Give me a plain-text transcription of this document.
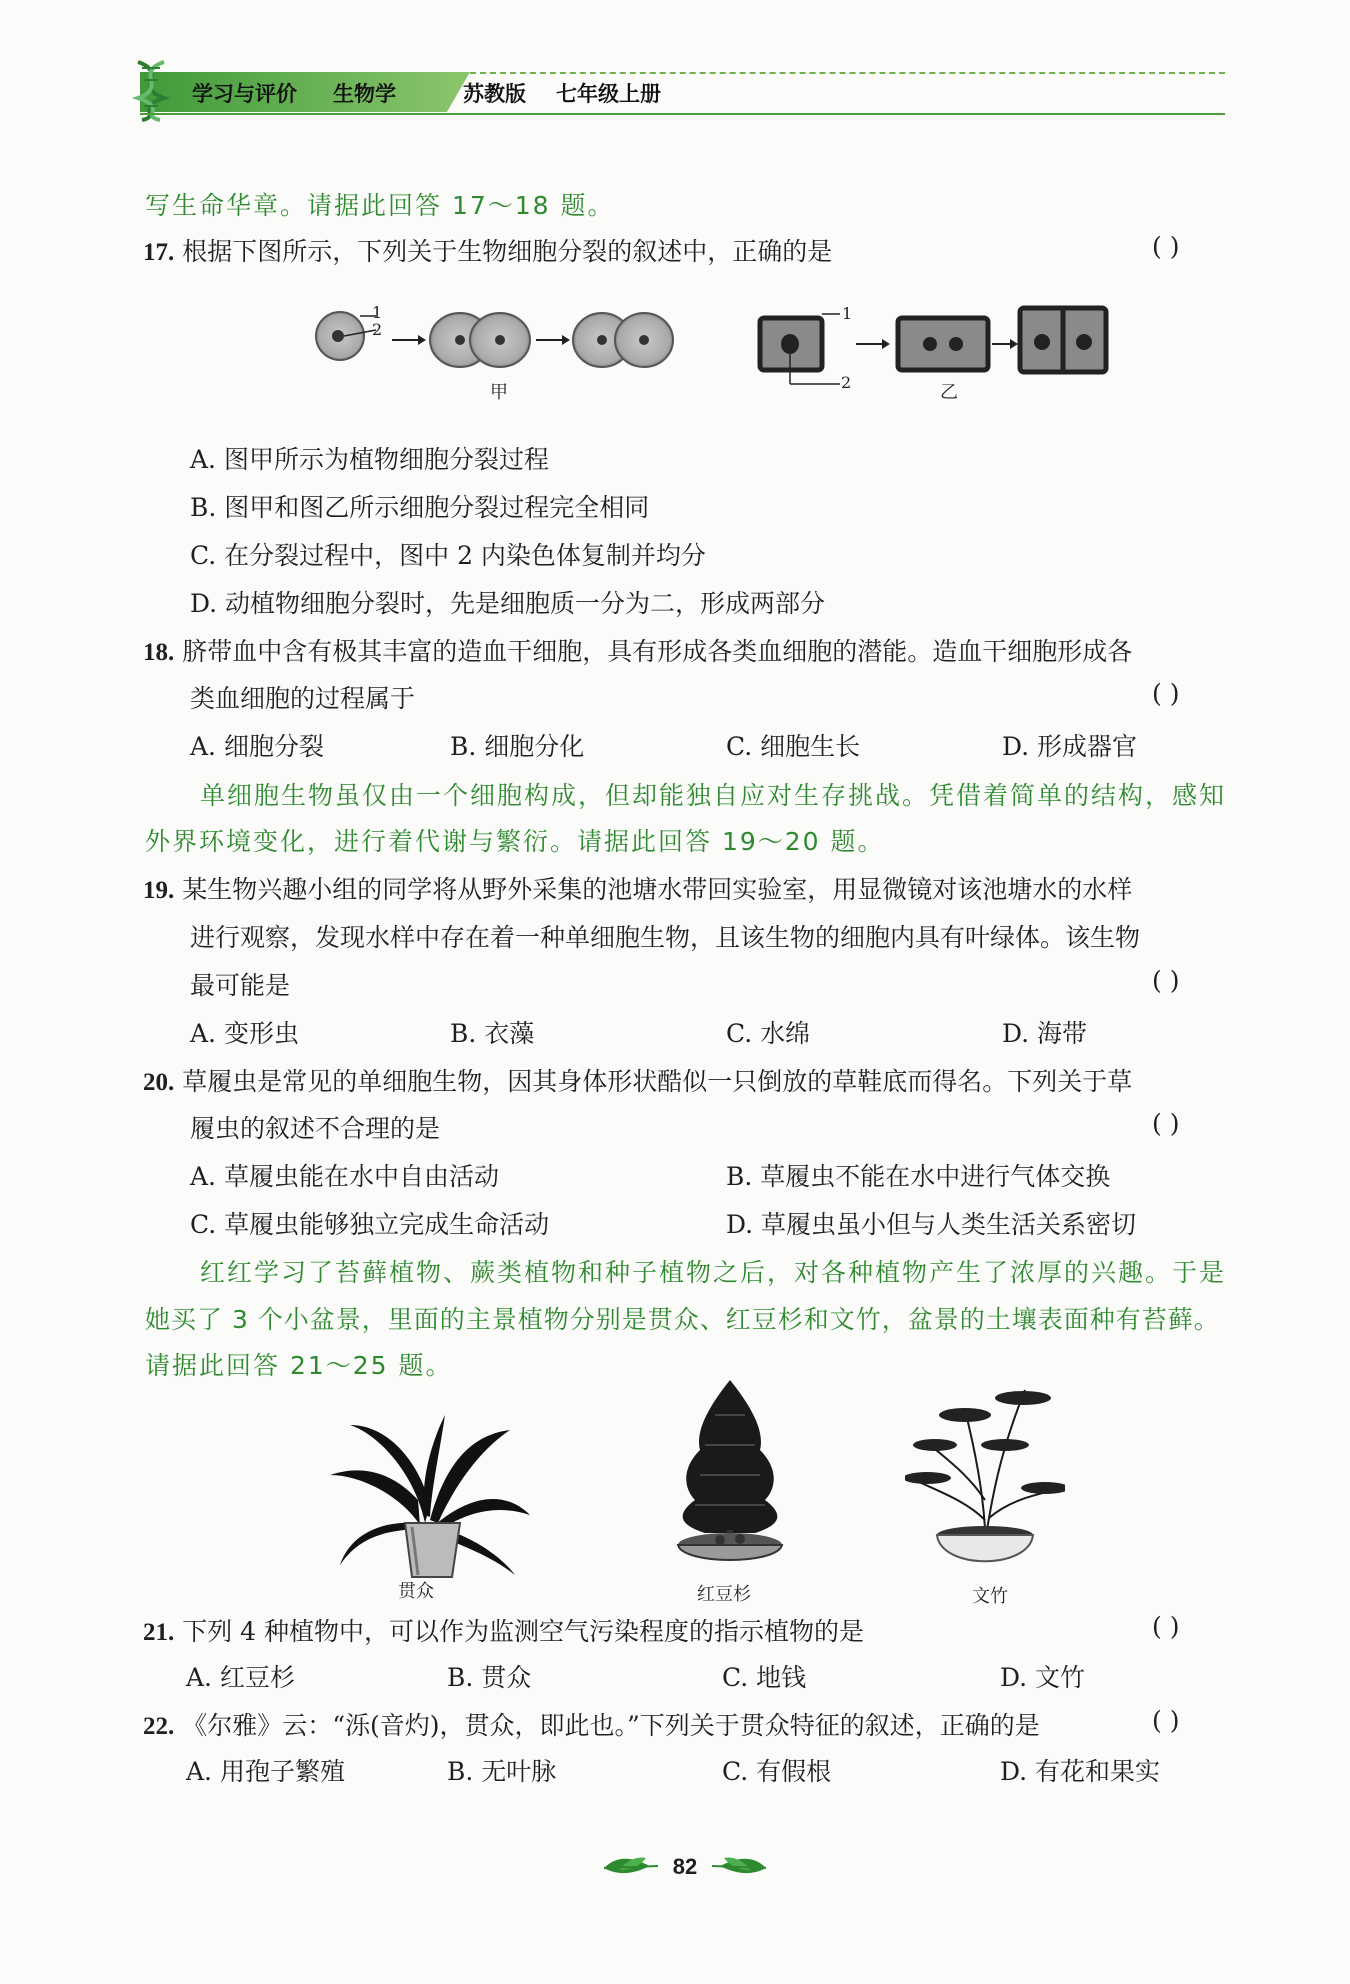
学习与评价 生物学	苏教版 七年级上册
写生命华章。请据此回答 17～18 题。
17. 根据下图所示，下列关于生物细胞分裂的叙述中，正确的是	( )
1
2
1
2
甲	乙
A. 图甲所示为植物细胞分裂过程
B. 图甲和图乙所示细胞分裂过程完全相同
C. 在分裂过程中，图中 2 内染色体复制并均分
D. 动植物细胞分裂时，先是细胞质一分为二，形成两部分
18. 脐带血中含有极其丰富的造血干细胞，具有形成各类血细胞的潜能。造血干细胞形成各
类血细胞的过程属于	( )
A. 细胞分裂	B. 细胞分化	C. 细胞生长	D. 形成器官
单细胞生物虽仅由一个细胞构成，但却能独自应对生存挑战。凭借着简单的结构，感知
外界环境变化，进行着代谢与繁衍。请据此回答 19～20 题。
19. 某生物兴趣小组的同学将从野外采集的池塘水带回实验室，用显微镜对该池塘水的水样
进行观察，发现水样中存在着一种单细胞生物，且该生物的细胞内具有叶绿体。该生物
最可能是	( )
A. 变形虫	B. 衣藻	C. 水绵	D. 海带
20. 草履虫是常见的单细胞生物，因其身体形状酷似一只倒放的草鞋底而得名。下列关于草
履虫的叙述不合理的是	( )
A. 草履虫能在水中自由活动	B. 草履虫不能在水中进行气体交换
C. 草履虫能够独立完成生命活动	D. 草履虫虽小但与人类生活关系密切
红红学习了苔藓植物、蕨类植物和种子植物之后，对各种植物产生了浓厚的兴趣。于是
她买了 3 个小盆景，里面的主景植物分别是贯众、红豆杉和文竹，盆景的土壤表面种有苔藓。
请据此回答 21～25 题。
贯众	红豆杉	文竹
21. 下列 4 种植物中，可以作为监测空气污染程度的指示植物的是	( )
A. 红豆杉	B. 贯众	C. 地钱	D. 文竹
22. 《尔雅》云：“泺(音灼)，贯众，即此也。”下列关于贯众特征的叙述，正确的是	( )
A. 用孢子繁殖	B. 无叶脉	C. 有假根	D. 有花和果实
82
